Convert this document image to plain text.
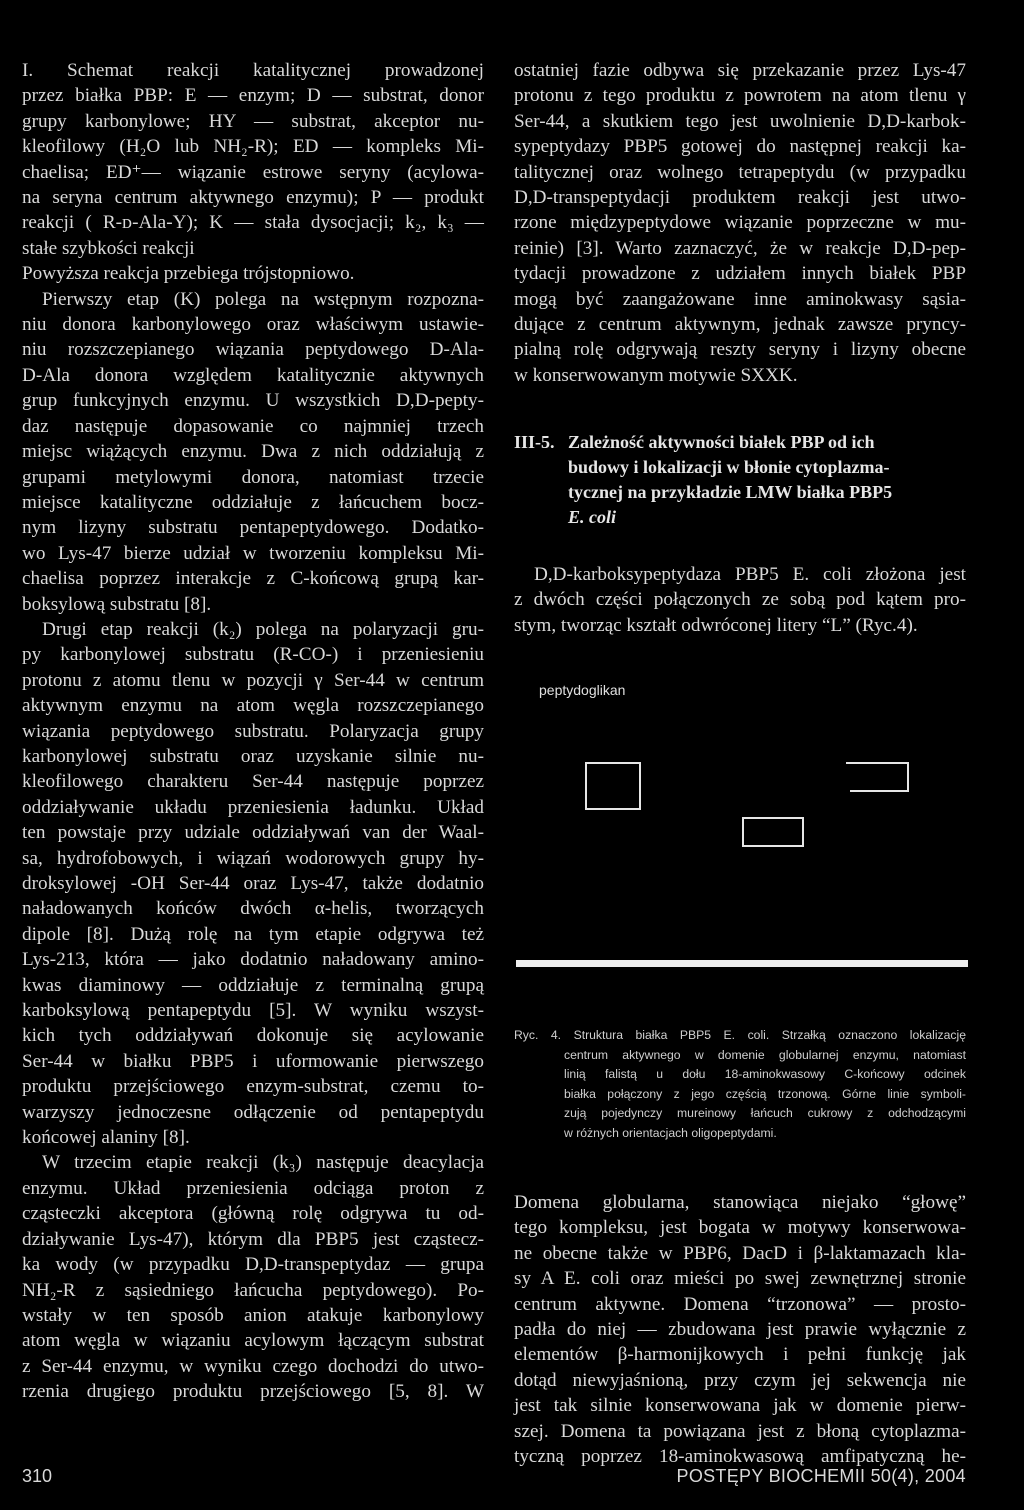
I. Schemat reakcji katalitycznej prowadzonej
przez białka PBP: E — enzym; D — substrat, donor
grupy karbonylowe; HY — substrat, akceptor nu-
kleofilowy (H₂O lub NH₂-R); ED — kompleks Mi-
chaelisa; ED⁺— wiązanie estrowe seryny (acylowa-
na seryna centrum aktywnego enzymu); P — produkt
reakcji ( R-ᴅ-Ala-Y); K — stała dysocjacji; k₂, k₃ —
stałe szybkości reakcji
Powyższa reakcja przebiega trójstopniowo.
Pierwszy etap (K) polega na wstępnym rozpozna-
niu donora karbonylowego oraz właściwym ustawie-
niu rozszczepianego wiązania peptydowego D-Ala-
D-Ala donora względem katalitycznie aktywnych
grup funkcyjnych enzymu. U wszystkich D,D-pepty-
daz następuje dopasowanie co najmniej trzech
miejsc wiążących enzymu. Dwa z nich oddziałują z
grupami metylowymi donora, natomiast trzecie
miejsce katalityczne oddziałuje z łańcuchem bocz-
nym lizyny substratu pentapeptydowego. Dodatko-
wo Lys-47 bierze udział w tworzeniu kompleksu Mi-
chaelisa poprzez interakcje z C-końcową grupą kar-
boksylową substratu [8].
Drugi etap reakcji (k₂) polega na polaryzacji gru-
py karbonylowej substratu (R-CO-) i przeniesieniu
protonu z atomu tlenu w pozycji γ Ser-44 w centrum
aktywnym enzymu na atom węgla rozszczepianego
wiązania peptydowego substratu. Polaryzacja grupy
karbonylowej substratu oraz uzyskanie silnie nu-
kleofilowego charakteru Ser-44 następuje poprzez
oddziaływanie układu przeniesienia ładunku. Układ
ten powstaje przy udziale oddziaływań van der Waal-
sa, hydrofobowych, i wiązań wodorowych grupy hy-
droksylowej -OH Ser-44 oraz Lys-47, także dodatnio
naładowanych końców dwóch α-helis, tworzących
dipole [8]. Dużą rolę na tym etapie odgrywa też
Lys-213, która — jako dodatnio naładowany amino-
kwas diaminowy — oddziałuje z terminalną grupą
karboksylową pentapeptydu [5]. W wyniku wszyst-
kich tych oddziaływań dokonuje się acylowanie
Ser-44 w białku PBP5 i uformowanie pierwszego
produktu przejściowego enzym-substrat, czemu to-
warzyszy jednoczesne odłączenie od pentapeptydu
końcowej alaniny [8].
W trzecim etapie reakcji (k₃) następuje deacylacja
enzymu. Układ przeniesienia odciąga proton z
cząsteczki akceptora (główną rolę odgrywa tu od-
działywanie Lys-47), którym dla PBP5 jest cząstecz-
ka wody (w przypadku D,D-transpeptydaz — grupa
NH₂-R z sąsiedniego łańcucha peptydowego). Po-
wstały w ten sposób anion atakuje karbonylowy
atom węgla w wiązaniu acylowym łączącym substrat
z Ser-44 enzymu, w wyniku czego dochodzi do utwo-
rzenia drugiego produktu przejściowego [5, 8]. W
ostatniej fazie odbywa się przekazanie przez Lys-47
protonu z tego produktu z powrotem na atom tlenu γ
Ser-44, a skutkiem tego jest uwolnienie D,D-karbok-
sypeptydazy PBP5 gotowej do następnej reakcji ka-
talitycznej oraz wolnego tetrapeptydu (w przypadku
D,D-transpeptydacji produktem reakcji jest utwo-
rzone międzypeptydowe wiązanie poprzeczne w mu-
reinie) [3]. Warto zaznaczyć, że w reakcje D,D-pep-
tydacji prowadzone z udziałem innych białek PBP
mogą być zaangażowane inne aminokwasy sąsia-
dujące z centrum aktywnym, jednak zawsze pryncy-
pialną rolę odgrywają reszty seryny i lizyny obecne
w konserwowanym motywie SXXK.
III-5. Zależność aktywności białek PBP od ich
budowy i lokalizacji w błonie cytoplazma-
tycznej na przykładzie LMW białka PBP5
E. coli
D,D-karboksypeptydaza PBP5 E. coli złożona jest
z dwóch części połączonych ze sobą pod kątem pro-
stym, tworząc kształt odwróconej litery “L” (Ryc.4).
peptydoglikan
Ryc. 4. Struktura białka PBP5 E. coli. Strzałką oznaczono lokalizację
centrum aktywnego w domenie globularnej enzymu, natomiast
linią falistą u dołu 18-aminokwasowy C-końcowy odcinek
białka połączony z jego częścią trzonową. Górne linie symboli-
zują pojedynczy mureinowy łańcuch cukrowy z odchodzącymi
w różnych orientacjach oligopeptydami.
Domena globularna, stanowiąca niejako “głowę”
tego kompleksu, jest bogata w motywy konserwowa-
ne obecne także w PBP6, DacD i β-laktamazach kla-
sy A E. coli oraz mieści po swej zewnętrznej stronie
centrum aktywne. Domena “trzonowa” — prosto-
padła do niej — zbudowana jest prawie wyłącznie z
elementów β-harmonijkowych i pełni funkcję jak
dotąd niewyjaśnioną, przy czym jej sekwencja nie
jest tak silnie konserwowana jak w domenie pierw-
szej. Domena ta powiązana jest z błoną cytoplazma-
tyczną poprzez 18-aminokwasową amfipatyczną he-
310	POSTĘPY BIOCHEMII 50(4), 2004
